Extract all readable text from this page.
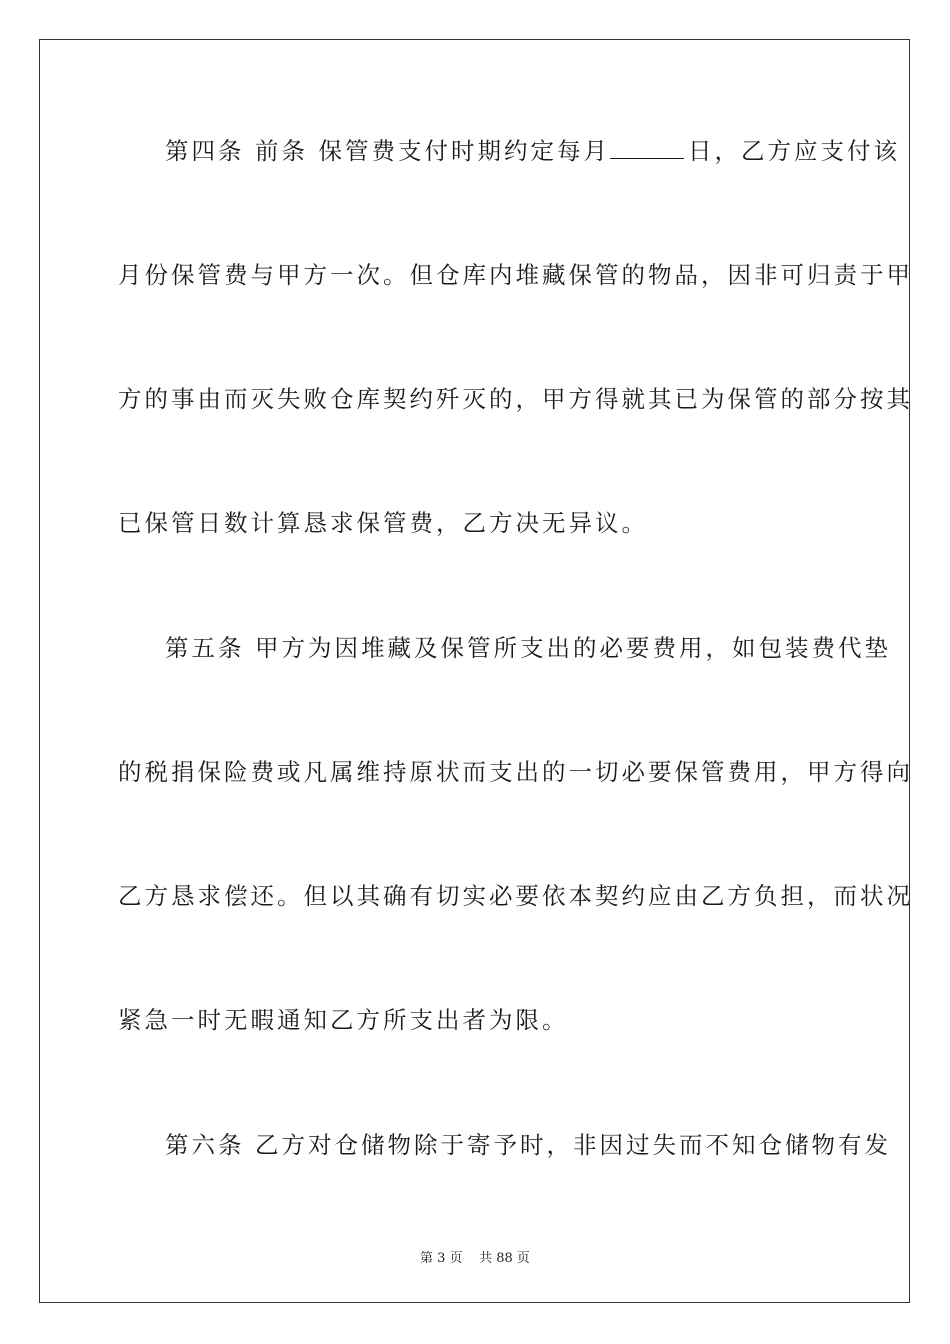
第四条 前条 保管费支付时期约定每月	日，乙方应支付该
月份保管费与甲方一次。但仓库内堆藏保管的物品，因非可归责于甲
方的事由而灭失败仓库契约歼灭的，甲方得就其已为保管的部分按其
已保管日数计算恳求保管费，乙方决无异议。
第五条 甲方为因堆藏及保管所支出的必要费用，如包装费代垫
的税捐保险费或凡属维持原状而支出的一切必要保管费用，甲方得向
乙方恳求偿还。但以其确有切实必要依本契约应由乙方负担，而状况
紧急一时无暇通知乙方所支出者为限。
第六条 乙方对仓储物除于寄予时，非因过失而不知仓储物有发
第 3 页 共 88 页
